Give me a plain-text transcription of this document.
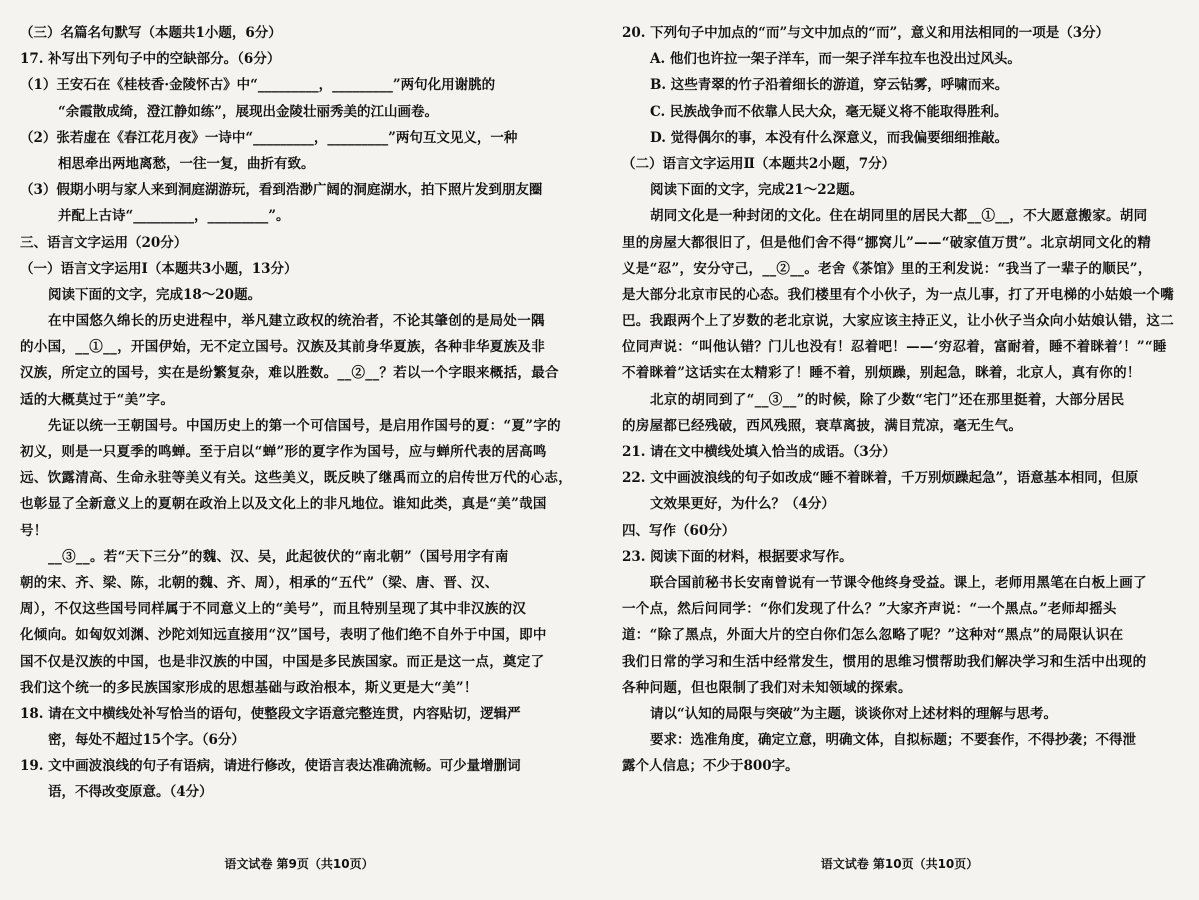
（三）名篇名句默写（本题共1小题，6分）
17. 补写出下列句子中的空缺部分。（6分）
（1）王安石在《桂枝香·金陵怀古》中“_________，_________”两句化用谢朓的
“余霞散成绮，澄江静如练”，展现出金陵壮丽秀美的江山画卷。
（2）张若虚在《春江花月夜》一诗中“_________，_________”两句互文见义，一种
相思牵出两地离愁，一往一复，曲折有致。
（3）假期小明与家人来到洞庭湖游玩，看到浩渺广阔的洞庭湖水，拍下照片发到朋友圈
并配上古诗“_________，_________”。
三、语言文字运用（20分）
（一）语言文字运用Ⅰ（本题共3小题，13分）
阅读下面的文字，完成18～20题。
在中国悠久绵长的历史进程中，举凡建立政权的统治者，不论其肇创的是局处一隅
的小国，__①__，开国伊始，无不定立国号。汉族及其前身华夏族，各种非华夏族及非
汉族，所定立的国号，实在是纷繁复杂，难以胜数。__②__？若以一个字眼来概括，最合
适的大概莫过于“美”字。
先证以统一王朝国号。中国历史上的第一个可信国号，是启用作国号的夏：“夏”字的
初义，则是一只夏季的鸣蝉。至于启以“蝉”形的夏字作为国号，应与蝉所代表的居高鸣
远、饮露清高、生命永驻等美义有关。这些美义，既反映了继禹而立的启传世万代的心志，
也彰显了全新意义上的夏朝在政治上以及文化上的非凡地位。谁知此类，真是“美”哉国
号！
__③__。若“天下三分”的魏、汉、吴，此起彼伏的“南北朝”（国号用字有南
朝的宋、齐、梁、陈，北朝的魏、齐、周），相承的“五代”（梁、唐、晋、汉、
周），不仅这些国号同样属于不同意义上的“美号”，而且特别呈现了其中非汉族的汉
化倾向。如匈奴刘渊、沙陀刘知远直接用“汉”国号，表明了他们绝不自外于中国，即中
国不仅是汉族的中国，也是非汉族的中国，中国是多民族国家。而正是这一点，奠定了
我们这个统一的多民族国家形成的思想基础与政治根本，斯义更是大“美”！
18. 请在文中横线处补写恰当的语句，使整段文字语意完整连贯，内容贴切，逻辑严
密，每处不超过15个字。（6分）
19. 文中画波浪线的句子有语病，请进行修改，使语言表达准确流畅。可少量增删词
语，不得改变原意。（4分）
语文试卷 第9页（共10页）
20. 下列句子中加点的“而”与文中加点的“而”，意义和用法相同的一项是（3分）
A. 他们也许拉一架子洋车，而一架子洋车拉车也没出过风头。
B. 这些青翠的竹子沿着细长的游道，穿云钻雾，呼啸而来。
C. 民族战争而不依靠人民大众，毫无疑义将不能取得胜利。
D. 觉得偶尔的事，本没有什么深意义，而我偏要细细推敲。
（二）语言文字运用Ⅱ（本题共2小题，7分）
阅读下面的文字，完成21～22题。
胡同文化是一种封闭的文化。住在胡同里的居民大都__①__，不大愿意搬家。胡同
里的房屋大都很旧了，但是他们舍不得“挪窝儿”——“破家值万贯”。北京胡同文化的精
义是“忍”，安分守己，__②__。老舍《茶馆》里的王利发说：“我当了一辈子的顺民”，
是大部分北京市民的心态。我们楼里有个小伙子，为一点儿事，打了开电梯的小姑娘一个嘴
巴。我跟两个上了岁数的老北京说，大家应该主持正义，让小伙子当众向小姑娘认错，这二
位同声说：“叫他认错？门儿也没有！忍着吧！——‘穷忍着，富耐着，睡不着眯着’！”“睡
不着眯着”这话实在太精彩了！睡不着，别烦躁，别起急，眯着，北京人，真有你的！
北京的胡同到了“__③__”的时候，除了少数“宅门”还在那里挺着，大部分居民
的房屋都已经残破，西风残照，衰草离披，满目荒凉，毫无生气。
21. 请在文中横线处填入恰当的成语。（3分）
22. 文中画波浪线的句子如改成“睡不着眯着，千万别烦躁起急”，语意基本相同，但原
文效果更好，为什么？（4分）
四、写作（60分）
23. 阅读下面的材料，根据要求写作。
联合国前秘书长安南曾说有一节课令他终身受益。课上，老师用黑笔在白板上画了
一个点，然后问同学：“你们发现了什么？”大家齐声说：“一个黑点。”老师却摇头
道：“除了黑点，外面大片的空白你们怎么忽略了呢？”这种对“黑点”的局限认识在
我们日常的学习和生活中经常发生，惯用的思维习惯帮助我们解决学习和生活中出现的
各种问题，但也限制了我们对未知领域的探索。
请以“认知的局限与突破”为主题，谈谈你对上述材料的理解与思考。
要求：选准角度，确定立意，明确文体，自拟标题；不要套作，不得抄袭；不得泄
露个人信息；不少于800字。
语文试卷 第10页（共10页）
